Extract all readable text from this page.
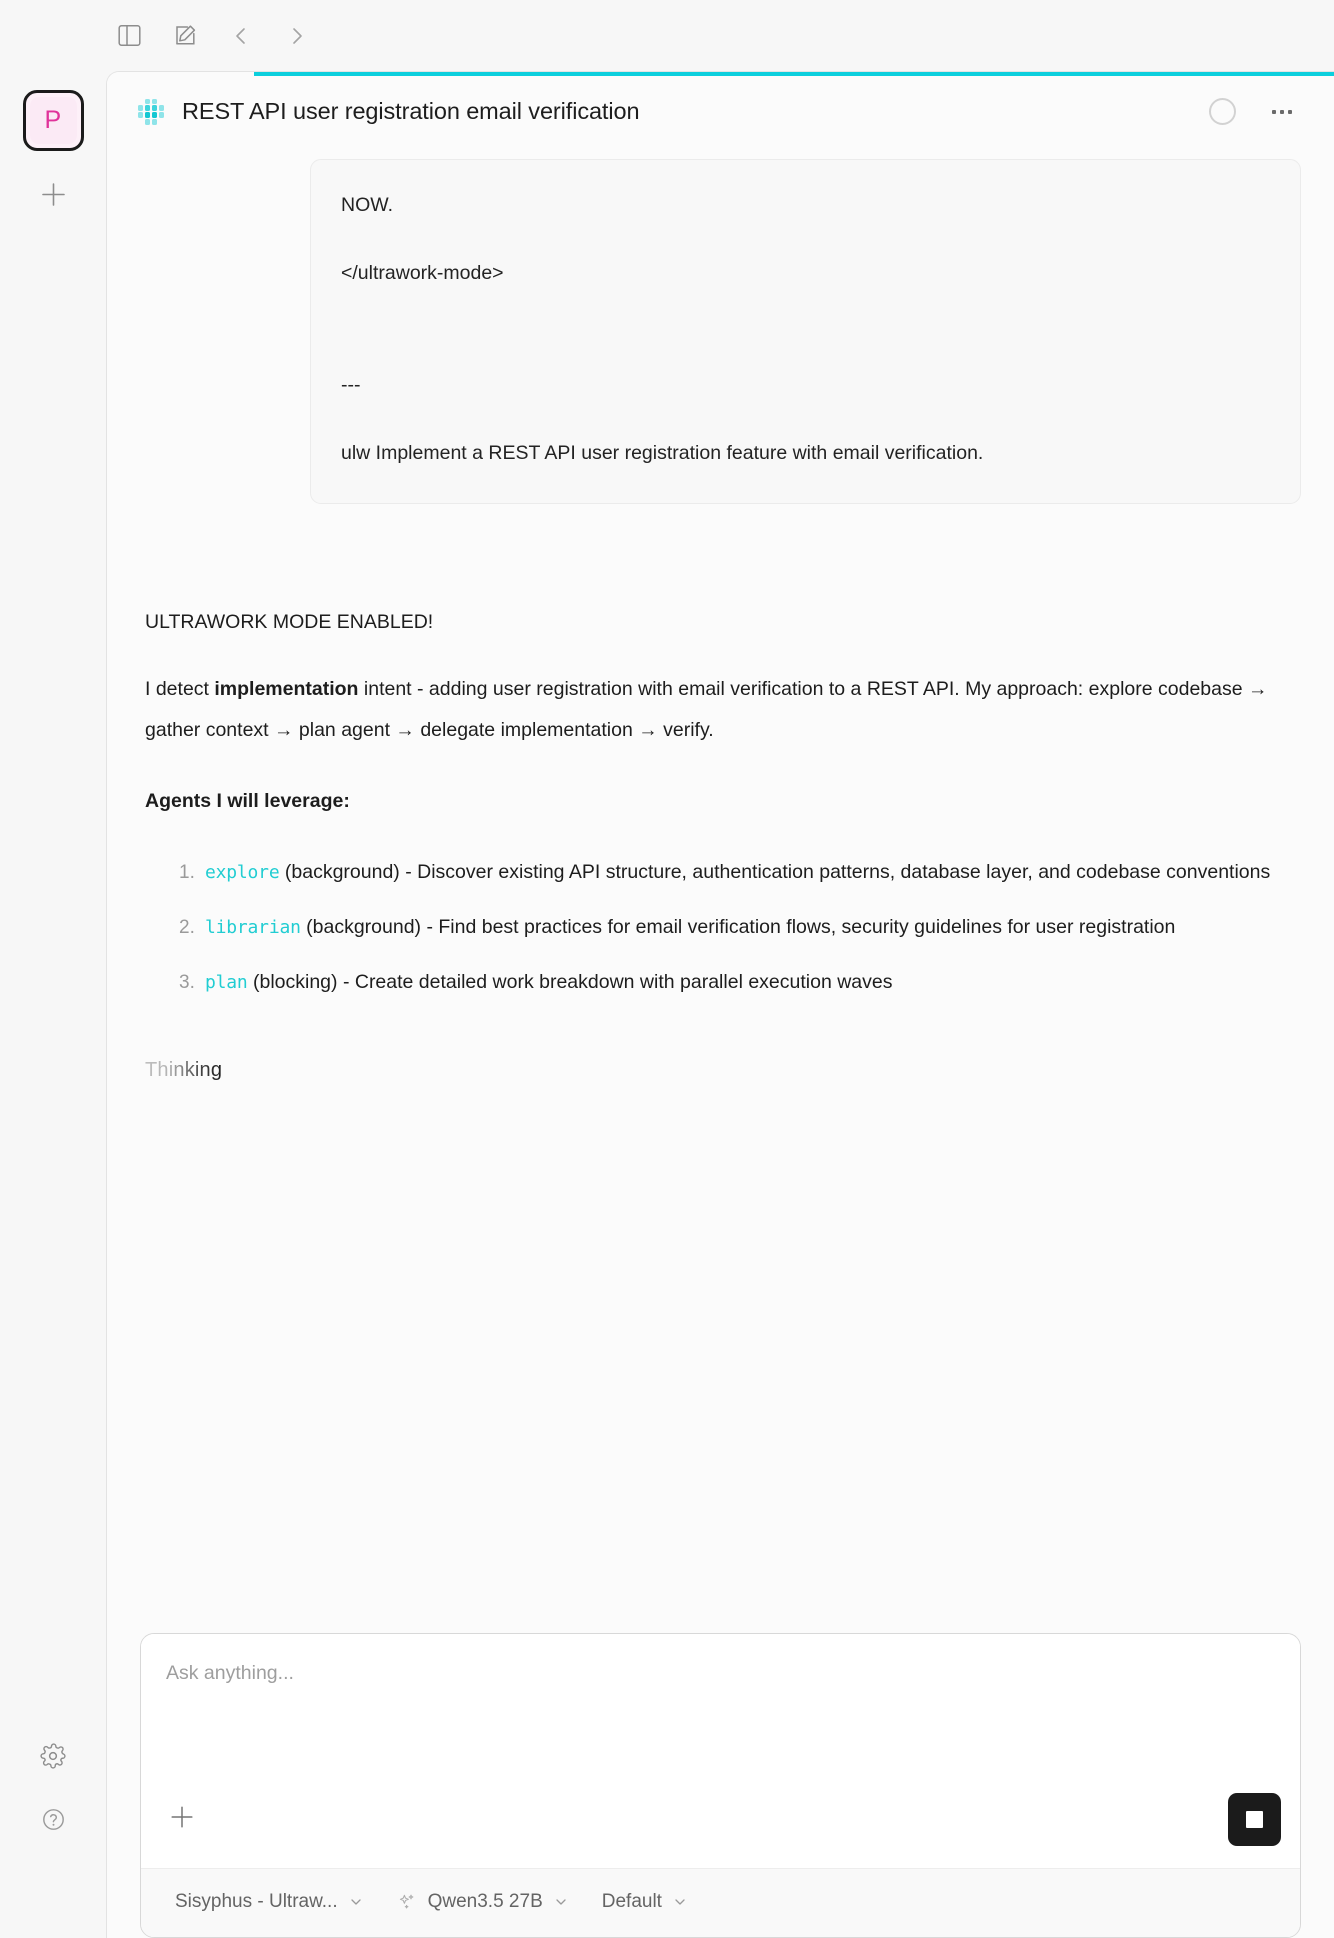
P	REST API user registration email verification

NOW.

</ultrawork-mode>

---

ulw Implement a REST API user registration feature with email verification.

ULTRAWORK MODE ENABLED!
I detect implementation intent - adding user registration with email verification to a REST API. My approach: explore codebase → gather context → plan agent → delegate implementation → verify.
Agents I will leverage:
explore (background) - Discover existing API structure, authentication patterns, database layer, and codebase conventions
librarian (background) - Find best practices for email verification flows, security guidelines for user registration
plan (blocking) - Create detailed work breakdown with parallel execution waves
Thinking
Ask anything...
Sisyphus - Ultraw...	Qwen3.5 27B	Default
